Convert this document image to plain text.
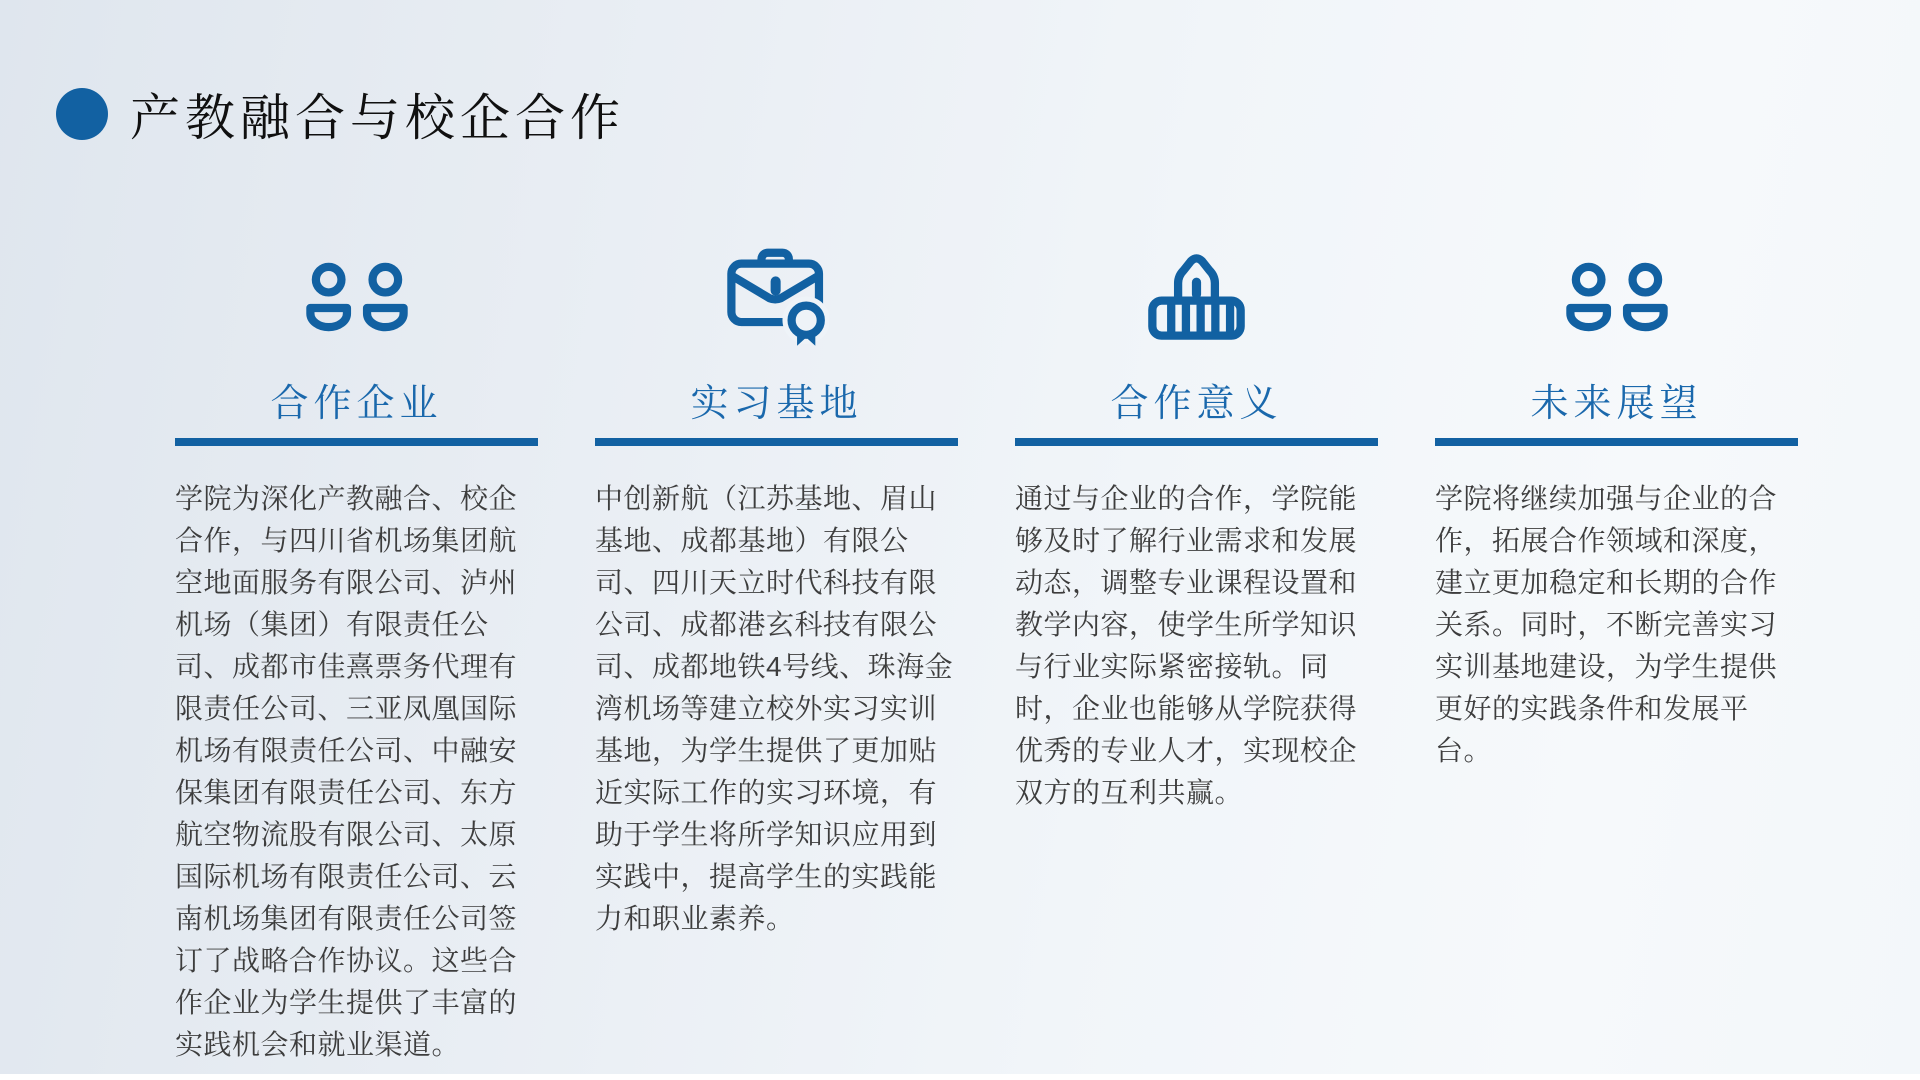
产教融合与校企合作
合作企业

学院为深化产教融合、校企合作，与四川省机场集团航空地面服务有限公司、泸州机场（集团）有限责任公司、成都市佳熹票务代理有限责任公司、三亚凤凰国际机场有限责任公司、中融安保集团有限责任公司、东方航空物流股有限公司、太原国际机场有限责任公司、云南机场集团有限责任公司签订了战略合作协议。这些合作企业为学生提供了丰富的实践机会和就业渠道。

实习基地

中创新航（江苏基地、眉山基地、成都基地）有限公司、四川天立时代科技有限公司、成都港玄科技有限公司、成都地铁4号线、珠海金湾机场等建立校外实习实训基地，为学生提供了更加贴近实际工作的实习环境，有助于学生将所学知识应用到实践中，提高学生的实践能力和职业素养。

合作意义

通过与企业的合作，学院能够及时了解行业需求和发展动态，调整专业课程设置和教学内容，使学生所学知识与行业实际紧密接轨。同时，企业也能够从学院获得优秀的专业人才，实现校企双方的互利共赢。

未来展望

学院将继续加强与企业的合作，拓展合作领域和深度，建立更加稳定和长期的合作关系。同时，不断完善实习实训基地建设，为学生提供更好的实践条件和发展平台。
